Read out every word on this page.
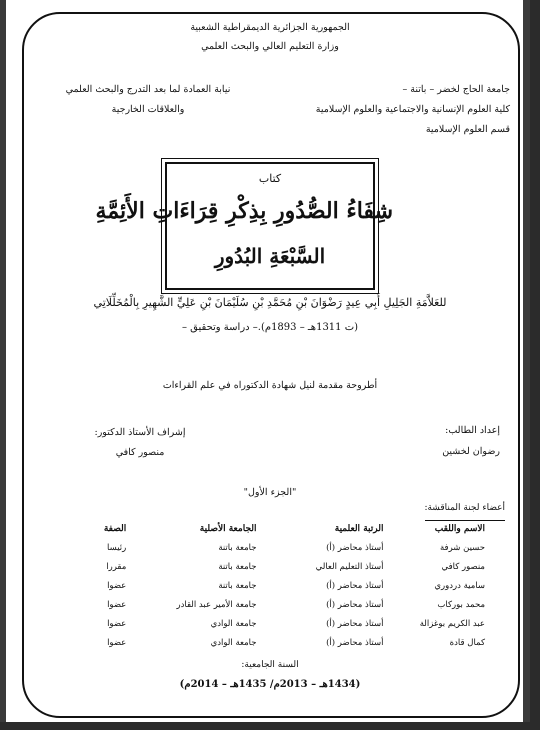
الجمهورية الجزائرية الديمقراطية الشعبية
وزارة التعليم العالي والبحث العلمي
جامعة الحاج لخضر – باتنة –
كلية العلوم الإنسانية والاجتماعية والعلوم الإسلامية
قسم العلوم الإسلامية
نيابة العمادة لما بعد التدرج والبحث العلمي
والعلاقات الخارجية
كتاب
شِفَاءُ الصُّدُورِ بِذِكْرِ قِرَاءَاتِ الأَئِمَّةِ
السَّبْعَةِ البُدُورِ
للعَلاَّمَةِ الجَلِيلِ أَبِي عِيدٍ رَضْوَانَ بْنِ مُحَمَّدِ بْنِ سُلَيْمَانَ بْنِ عَلِيٍّ الشَّهِيرِ بِالْمُخَلِّلَاتِي
(ت 1311هـ – 1893م).– دراسة وتحقيق –
أطروحة مقدمة لنيل شهادة الدكتوراه في علم القراءات
إعداد الطالب:
رضوان لخشين
إشراف الأستاذ الدكتور:
منصور كافي
"الجزء الأول"
أعضاء لجنة المناقشة:
الاسم واللقب	الرتبة العلمية	الجامعة الأصلية	الصفة
حسين شرفة	أستاذ محاضر (أ)	جامعة باتنة	رئيسا
منصور كافي	أستاذ التعليم العالي	جامعة باتنة	مقررا
سامية دردوري	أستاذ محاضر (أ)	جامعة باتنة	عضوا
محمد بوركاب	أستاذ محاضر (أ)	جامعة الأمير عبد القادر	عضوا
عبد الكريم بوغزالة	أستاذ محاضر (أ)	جامعة الوادي	عضوا
كمال قادة	أستاذ محاضر (أ)	جامعة الوادي	عضوا
السنة الجامعية:
(1434هـ – 2013م/ 1435هـ – 2014م)
